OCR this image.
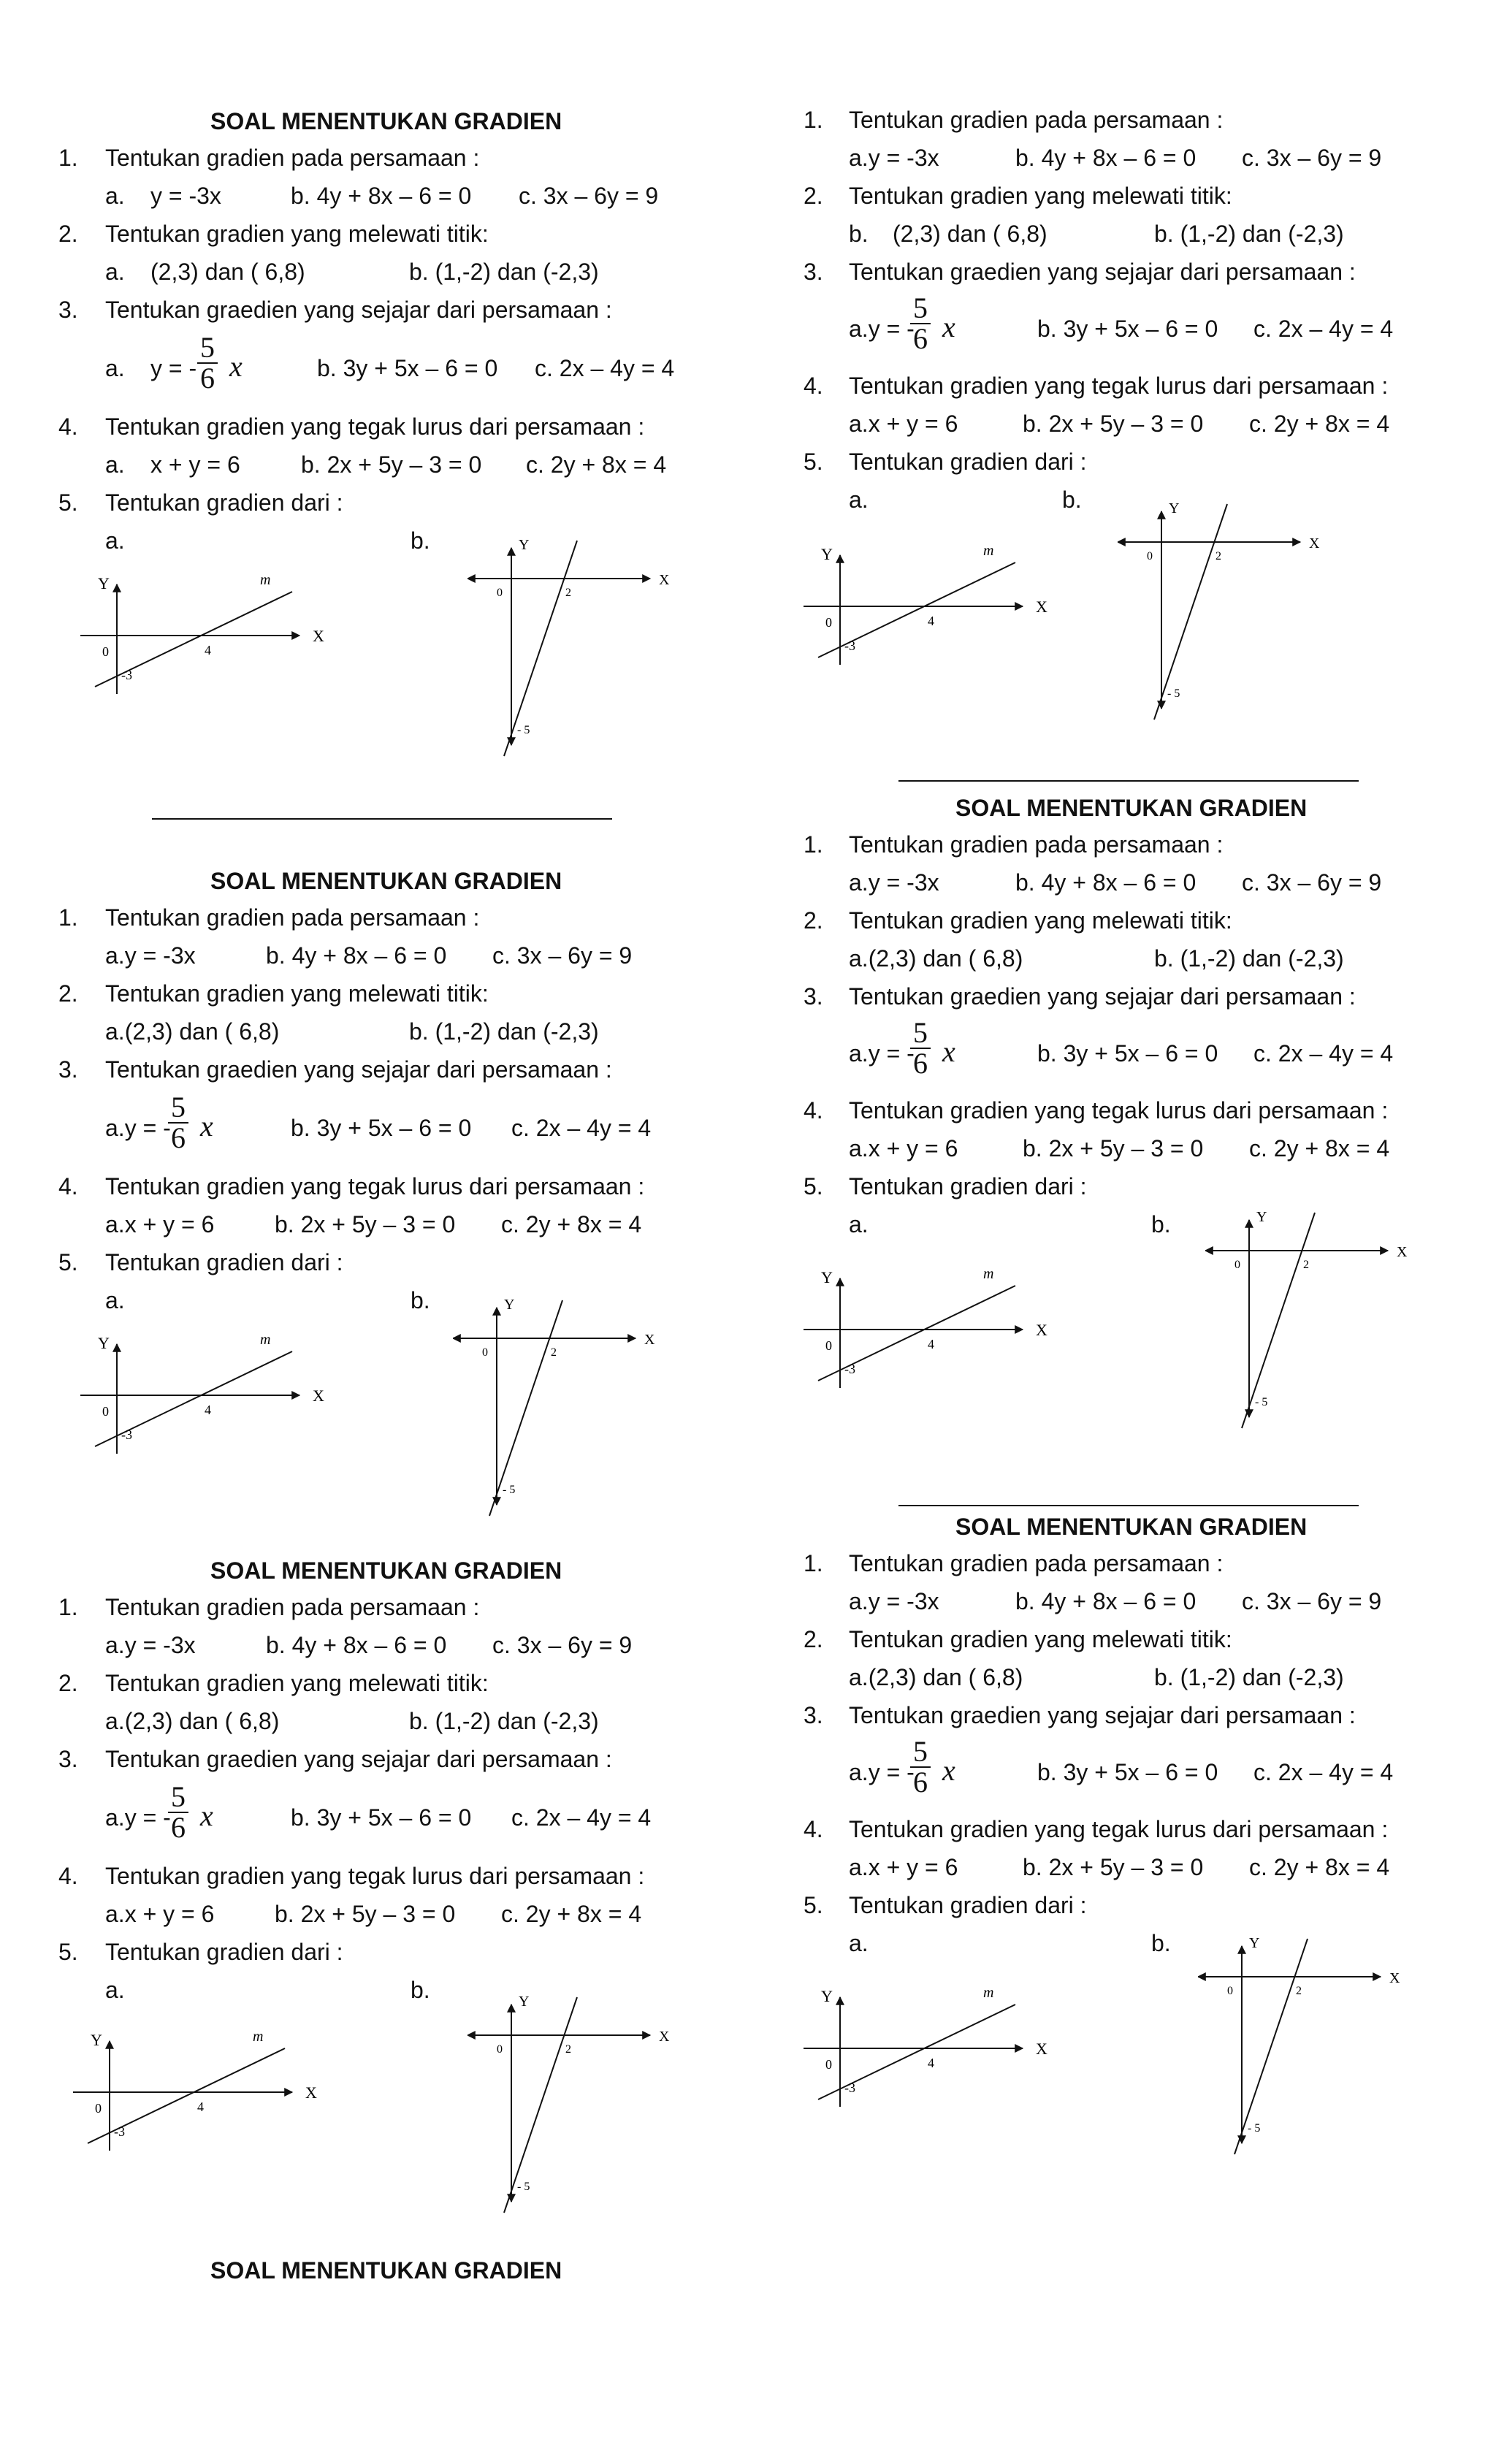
SOAL MENENTUKAN GRADIEN
1. Tentukan gradien pada persamaan :
a. y = -3x	b. 4y + 8x – 6 = 0 c. 3x – 6y = 9
2. Tentukan gradien yang melewati titik:
a. (2,3) dan ( 6,8)	b. (1,-2) dan (-2,3)
3. Tentukan graedien yang sejajar dari persamaan :
a. y = - $\frac{5}{6}$ x	b. 3y + 5x – 6 = 0 c. 2x – 4y = 4
4. Tentukan gradien yang tegak lurus dari persamaan :
a. x + y = 6	b. 2x + 5y – 3 = 0 c. 2y + 8x = 4
5. Tentukan gradien dari :
a.	b.
Y
X
0	4
-3
m
Y
X
0	2
- 5
1. Tentukan gradien pada persamaan :
a.y = -3x	b. 4y + 8x – 6 = 0 c. 3x – 6y = 9
2. Tentukan gradien yang melewati titik:
b. (2,3) dan ( 6,8)	b. (1,-2) dan (-2,3)
3. Tentukan graedien yang sejajar dari persamaan :
a.y = -
$\frac{5}{6}$ x	b. 3y + 5x – 6 = 0 c. 2x – 4y = 4
4. Tentukan gradien yang tegak lurus dari persamaan :
a.x + y = 6	b. 2x + 5y – 3 = 0 c. 2y + 8x = 4
5. Tentukan gradien dari :
a.	b.
Y
X
0	4
-3
m
Y
X
0	2
- 5
SOAL MENENTUKAN GRADIEN
1. Tentukan gradien pada persamaan :
a.y = -3x	b. 4y + 8x – 6 = 0 c. 3x – 6y = 9
2. Tentukan gradien yang melewati titik:
a.(2,3) dan ( 6,8)	b. (1,-2) dan (-2,3)
3. Tentukan graedien yang sejajar dari persamaan :
a.y = -
$\frac{5}{6}$ x	b. 3y + 5x – 6 = 0 c. 2x – 4y = 4
4. Tentukan gradien yang tegak lurus dari persamaan :
a.x + y = 6	b. 2x + 5y – 3 = 0 c. 2y + 8x = 4
5. Tentukan gradien dari :
a.	b.
Y
X
0	4
-3
m
Y
X
0	2
- 5
SOAL MENENTUKAN GRADIEN
1. Tentukan gradien pada persamaan :
a.y = -3x	b. 4y + 8x – 6 = 0 c. 3x – 6y = 9
2. Tentukan gradien yang melewati titik:
a.(2,3) dan ( 6,8)	b. (1,-2) dan (-2,3)
3. Tentukan graedien yang sejajar dari persamaan :
a.y = -
$\frac{5}{6}$ x	b. 3y + 5x – 6 = 0 c. 2x – 4y = 4
4. Tentukan gradien yang tegak lurus dari persamaan :
a.x + y = 6	b. 2x + 5y – 3 = 0 c. 2y + 8x = 4
5. Tentukan gradien dari :
a.	b.
Y
X
0	4
-3
m
Y
X
0	2
- 5
SOAL MENENTUKAN GRADIEN
1. Tentukan gradien pada persamaan :
a.y = -3x	b. 4y + 8x – 6 = 0 c. 3x – 6y = 9
2. Tentukan gradien yang melewati titik:
a.(2,3) dan ( 6,8)	b. (1,-2) dan (-2,3)
3. Tentukan graedien yang sejajar dari persamaan :
a.y = -
$\frac{5}{6}$ x	b. 3y + 5x – 6 = 0 c. 2x – 4y = 4
4. Tentukan gradien yang tegak lurus dari persamaan :
a.x + y = 6	b. 2x + 5y – 3 = 0 c. 2y + 8x = 4
5. Tentukan gradien dari :
a.	b.
Y
X
0	4
-3
m
Y
X
0	2
- 5
SOAL MENENTUKAN GRADIEN
1. Tentukan gradien pada persamaan :
a.y = -3x	b. 4y + 8x – 6 = 0 c. 3x – 6y = 9
2. Tentukan gradien yang melewati titik:
a.(2,3) dan ( 6,8)	b. (1,-2) dan (-2,3)
3. Tentukan graedien yang sejajar dari persamaan :
a.y = -
$\frac{5}{6}$ x	b. 3y + 5x – 6 = 0 c. 2x – 4y = 4
4. Tentukan gradien yang tegak lurus dari persamaan :
a.x + y = 6	b. 2x + 5y – 3 = 0 c. 2y + 8x = 4
5. Tentukan gradien dari :
a.	b.
Y
X
0	4
-3
m
Y
X
0	2
- 5
SOAL MENENTUKAN GRADIEN
